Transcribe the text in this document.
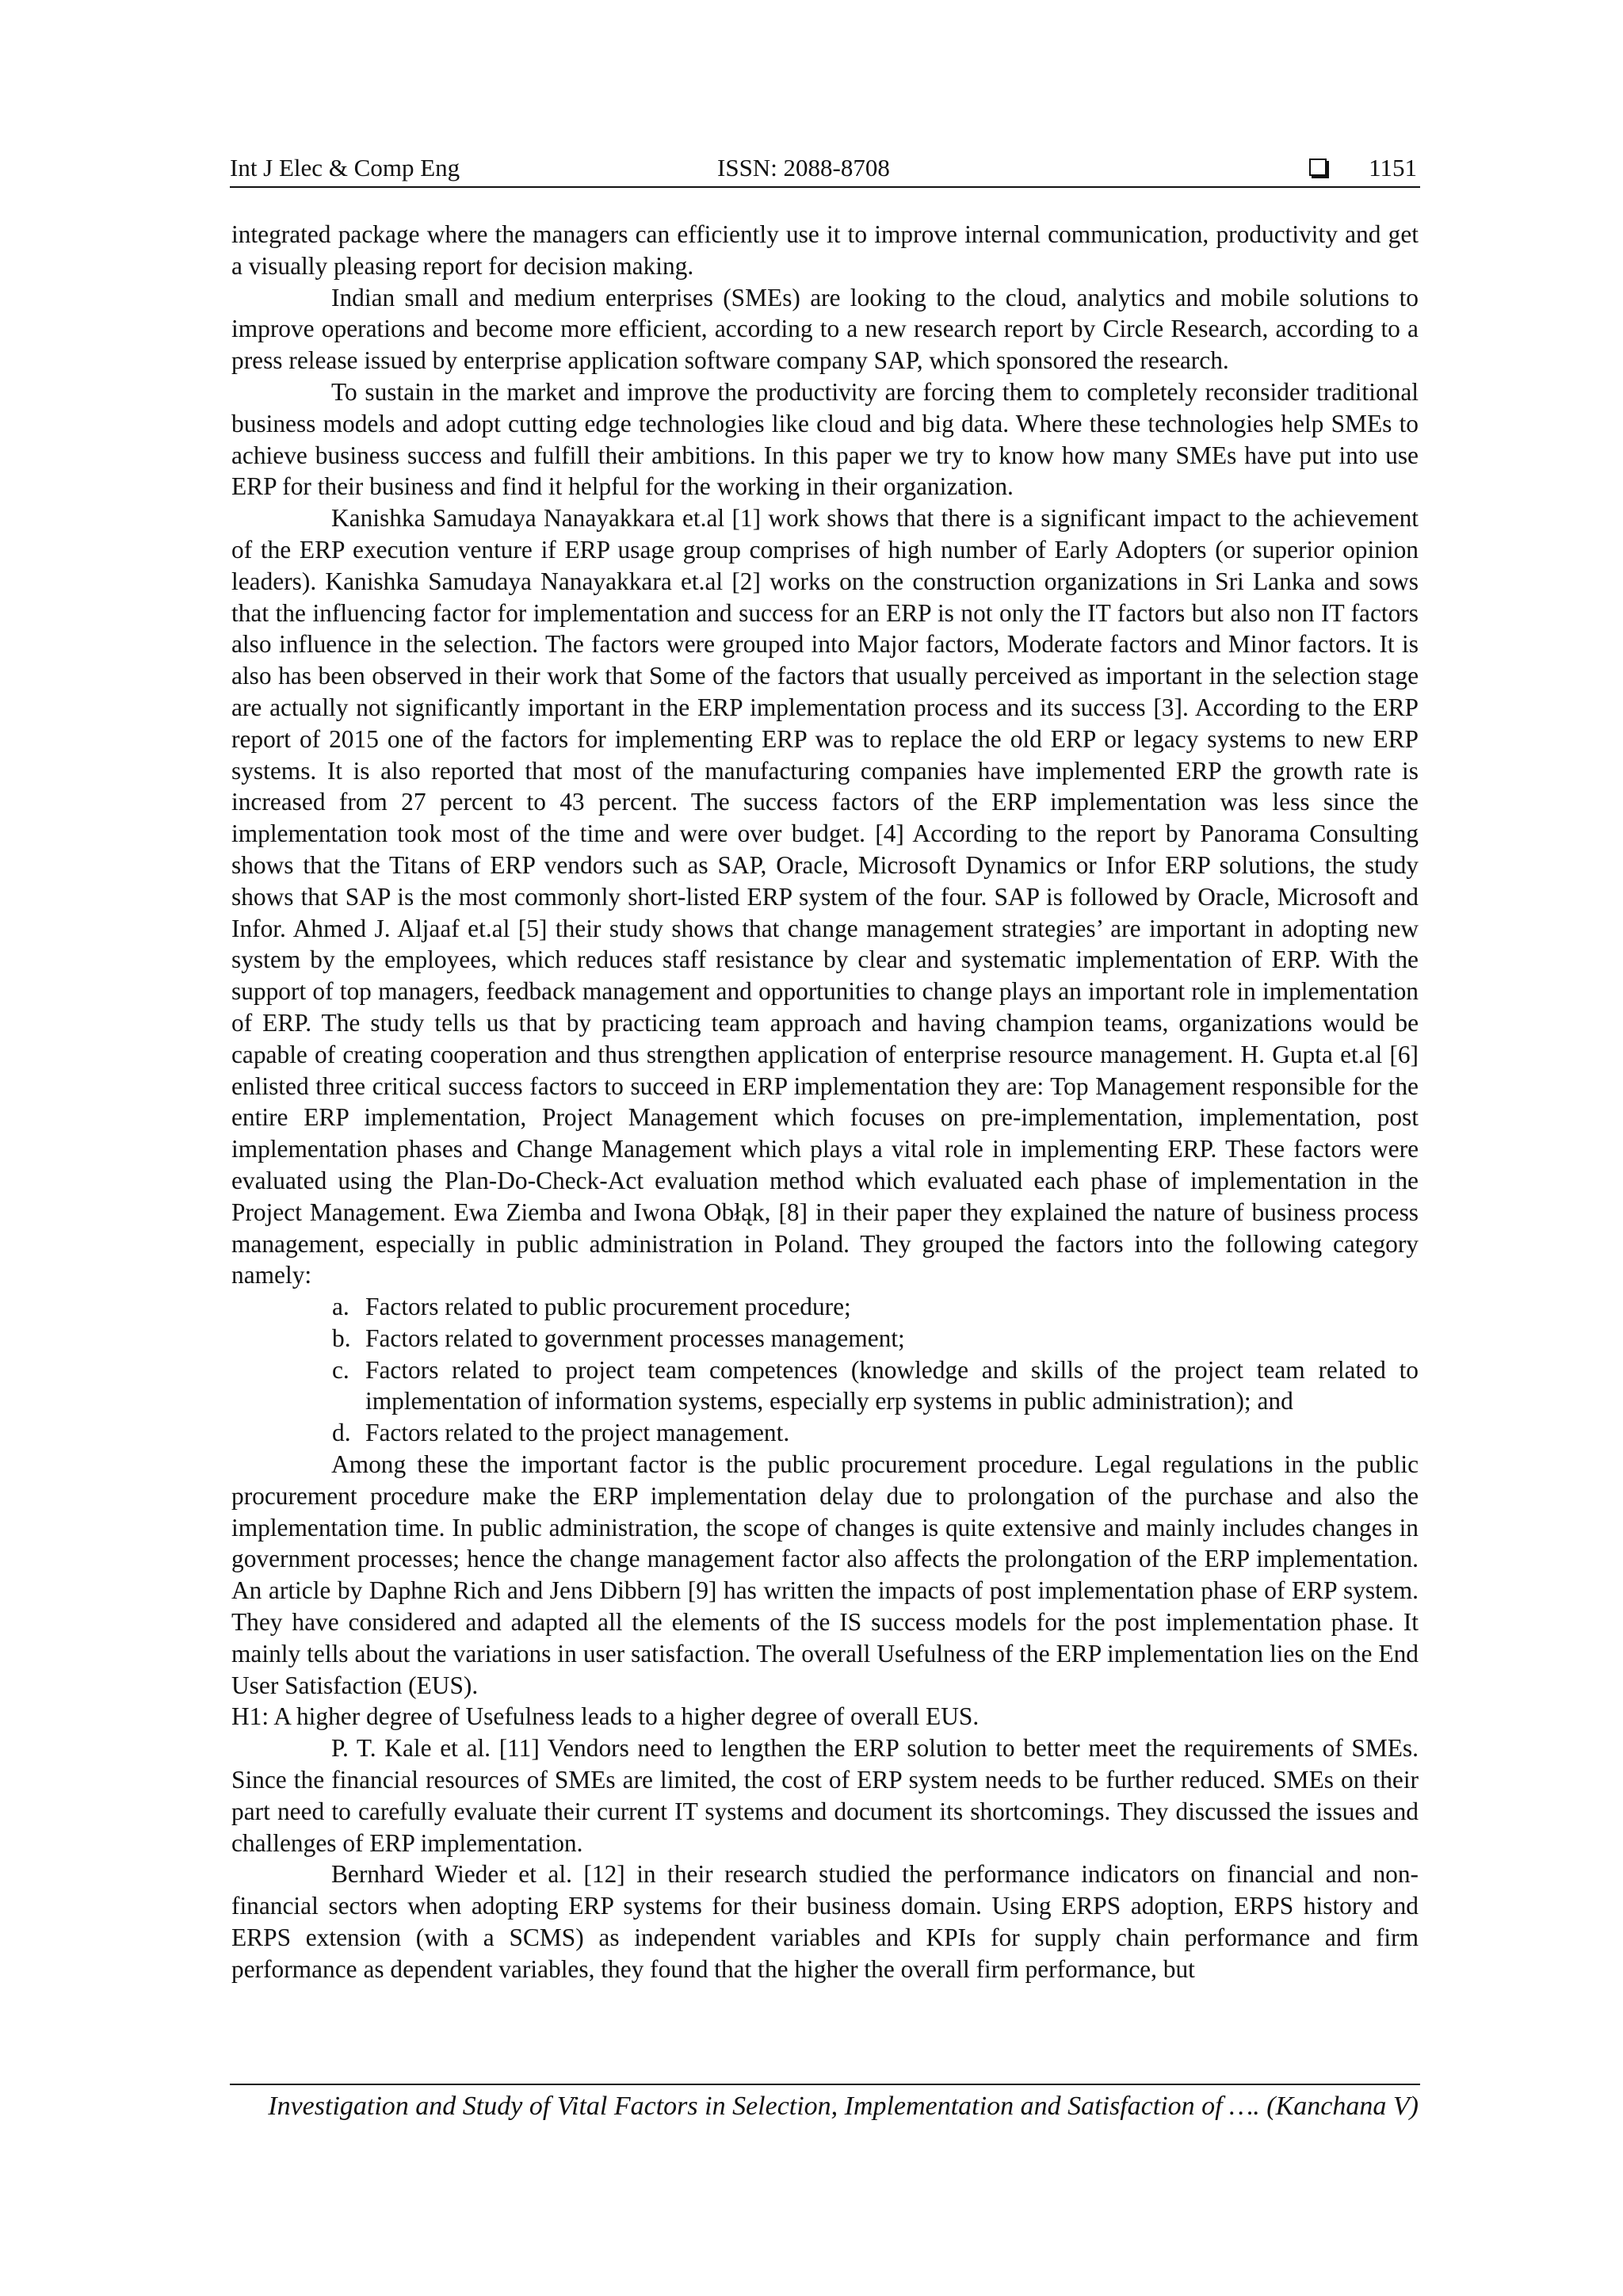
Int J Elec & Comp Eng	ISSN: 2088-8708	1151

integrated package where the managers can efficiently use it to improve internal communication, productivity and get a visually pleasing report for decision making.

Indian small and medium enterprises (SMEs) are looking to the cloud, analytics and mobile solutions to improve operations and become more efficient, according to a new research report by Circle Research, according to a press release issued by enterprise application software company SAP, which sponsored the research.

To sustain in the market and improve the productivity are forcing them to completely reconsider traditional business models and adopt cutting edge technologies like cloud and big data. Where these technologies help SMEs to achieve business success and fulfill their ambitions. In this paper we try to know how many SMEs have put into use ERP for their business and find it helpful for the working in their organization.

Kanishka Samudaya Nanayakkara et.al [1] work shows that there is a significant impact to the achievement of the ERP execution venture if ERP usage group comprises of high number of Early Adopters (or superior opinion leaders). Kanishka Samudaya Nanayakkara et.al [2] works on the construction organizations in Sri Lanka and sows that the influencing factor for implementation and success for an ERP is not only the IT factors but also non IT factors also influence in the selection. The factors were grouped into Major factors, Moderate factors and Minor factors. It is also has been observed in their work that Some of the factors that usually perceived as important in the selection stage are actually not significantly important in the ERP implementation process and its success [3]. According to the ERP report of 2015 one of the factors for implementing ERP was to replace the old ERP or legacy systems to new ERP systems. It is also reported that most of the manufacturing companies have implemented ERP the growth rate is increased from 27 percent to 43 percent. The success factors of the ERP implementation was less since the implementation took most of the time and were over budget. [4] According to the report by Panorama Consulting shows that the Titans of ERP vendors such as SAP, Oracle, Microsoft Dynamics or Infor ERP solutions, the study shows that SAP is the most commonly short-listed ERP system of the four. SAP is followed by Oracle, Microsoft and Infor. Ahmed J. Aljaaf et.al [5] their study shows that change management strategies’ are important in adopting new system by the employees, which reduces staff resistance by clear and systematic implementation of ERP. With the support of top managers, feedback management and opportunities to change plays an important role in implementation of ERP. The study tells us that by practicing team approach and having champion teams, organizations would be capable of creating cooperation and thus strengthen application of enterprise resource management. H. Gupta et.al [6] enlisted three critical success factors to succeed in ERP implementation they are: Top Management responsible for the entire ERP implementation, Project Management which focuses on pre-implementation, implementation, post implementation phases and Change Management which plays a vital role in implementing ERP. These factors were evaluated using the Plan-Do-Check-Act evaluation method which evaluated each phase of implementation in the Project Management. Ewa Ziemba and Iwona Obłąk, [8] in their paper they explained the nature of business process management, especially in public administration in Poland. They grouped the factors into the following category namely:

a. Factors related to public procurement procedure;
b. Factors related to government processes management;
c. Factors related to project team competences (knowledge and skills of the project team related to implementation of information systems, especially erp systems in public administration); and
d. Factors related to the project management.

Among these the important factor is the public procurement procedure. Legal regulations in the public procurement procedure make the ERP implementation delay due to prolongation of the purchase and also the implementation time. In public administration, the scope of changes is quite extensive and mainly includes changes in government processes; hence the change management factor also affects the prolongation of the ERP implementation. An article by Daphne Rich and Jens Dibbern [9] has written the impacts of post implementation phase of ERP system. They have considered and adapted all the elements of the IS success models for the post implementation phase. It mainly tells about the variations in user satisfaction. The overall Usefulness of the ERP implementation lies on the End User Satisfaction (EUS).

H1: A higher degree of Usefulness leads to a higher degree of overall EUS.

P. T. Kale et al. [11] Vendors need to lengthen the ERP solution to better meet the requirements of SMEs. Since the financial resources of SMEs are limited, the cost of ERP system needs to be further reduced. SMEs on their part need to carefully evaluate their current IT systems and document its shortcomings. They discussed the issues and challenges of ERP implementation.

Bernhard Wieder et al. [12] in their research studied the performance indicators on financial and non-financial sectors when adopting ERP systems for their business domain. Using ERPS adoption, ERPS history and ERPS extension (with a SCMS) as independent variables and KPIs for supply chain performance and firm performance as dependent variables, they found that the higher the overall firm performance, but

Investigation and Study of Vital Factors in Selection, Implementation and Satisfaction of …. (Kanchana V)
